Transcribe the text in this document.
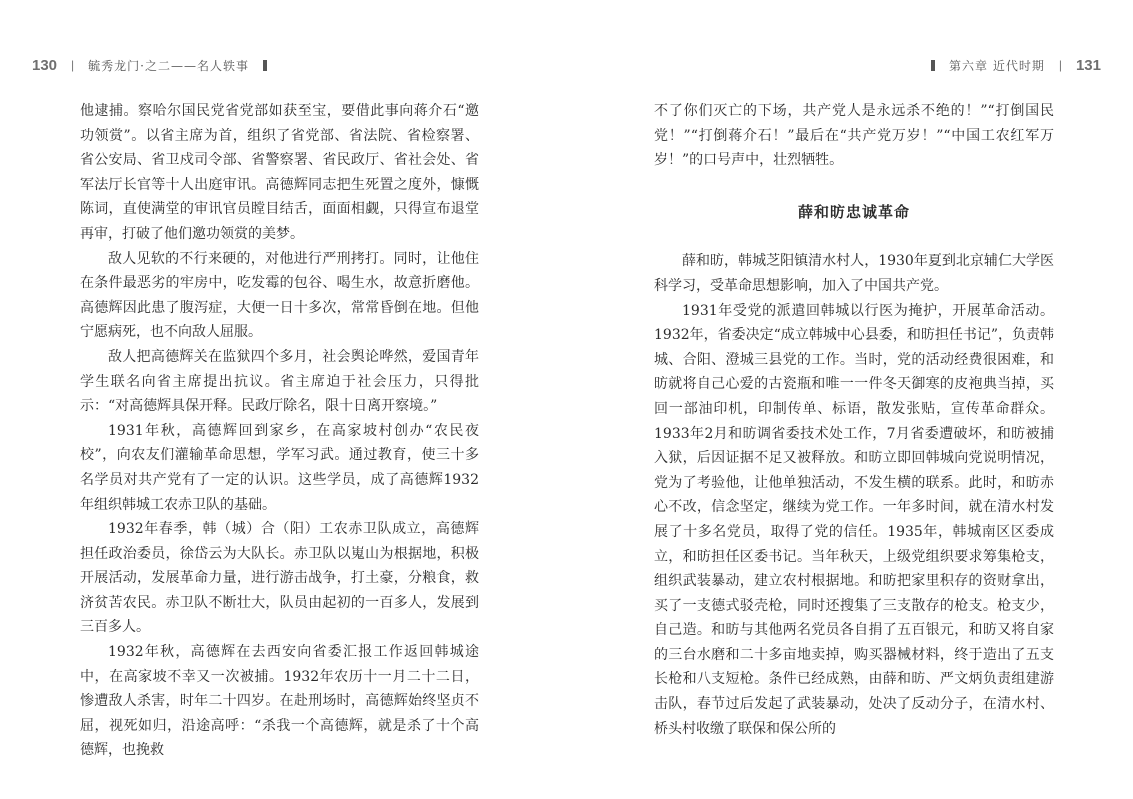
130 | 毓秀龙门·之二——名人轶事

他逮捕。察哈尔国民党省党部如获至宝，要借此事向蒋介石“邀功领赏”。以省主席为首，组织了省党部、省法院、省检察署、省公安局、省卫戍司令部、省警察署、省民政厅、省社会处、省军法厅长官等十人出庭审讯。高德辉同志把生死置之度外，慷慨陈词，直使满堂的审讯官员瞠目结舌，面面相觑，只得宣布退堂再审，打破了他们邀功领赏的美梦。

敌人见软的不行来硬的，对他进行严刑拷打。同时，让他住在条件最恶劣的牢房中，吃发霉的包谷、喝生水，故意折磨他。高德辉因此患了腹泻症，大便一日十多次，常常昏倒在地。但他宁愿病死，也不向敌人屈服。

敌人把高德辉关在监狱四个多月，社会舆论哗然，爱国青年学生联名向省主席提出抗议。省主席迫于社会压力，只得批示：“对高德辉具保开释。民政厅除名，限十日离开察境。”

1931年秋，高德辉回到家乡，在高家坡村创办“农民夜校”，向农友们灌输革命思想，学军习武。通过教育，使三十多名学员对共产党有了一定的认识。这些学员，成了高德辉1932年组织韩城工农赤卫队的基础。

1932年春季，韩（城）合（阳）工农赤卫队成立，高德辉担任政治委员，徐岱云为大队长。赤卫队以嵬山为根据地，积极开展活动，发展革命力量，进行游击战争，打土豪，分粮食，救济贫苦农民。赤卫队不断壮大，队员由起初的一百多人，发展到三百多人。

1932年秋，高德辉在去西安向省委汇报工作返回韩城途中，在高家坡不幸又一次被捕。1932年农历十一月二十二日，惨遭敌人杀害，时年二十四岁。在赴刑场时，高德辉始终坚贞不屈，视死如归，沿途高呼：“杀我一个高德辉，就是杀了十个高德辉，也挽救

第六章 近代时期 | 131

不了你们灭亡的下场，共产党人是永远杀不绝的！”“打倒国民党！”“打倒蒋介石！”最后在“共产党万岁！”“中国工农红军万岁！”的口号声中，壮烈牺牲。

薛和昉忠诚革命

薛和昉，韩城芝阳镇清水村人，1930年夏到北京辅仁大学医科学习，受革命思想影响，加入了中国共产党。

1931年受党的派遣回韩城以行医为掩护，开展革命活动。1932年，省委决定“成立韩城中心县委，和昉担任书记”，负责韩城、合阳、澄城三县党的工作。当时，党的活动经费很困难，和昉就将自己心爱的古瓷瓶和唯一一件冬天御寒的皮袍典当掉，买回一部油印机，印制传单、标语，散发张贴，宣传革命群众。1933年2月和昉调省委技术处工作，7月省委遭破坏，和昉被捕入狱，后因证据不足又被释放。和昉立即回韩城向党说明情况，党为了考验他，让他单独活动，不发生横的联系。此时，和昉赤心不改，信念坚定，继续为党工作。一年多时间，就在清水村发展了十多名党员，取得了党的信任。1935年，韩城南区区委成立，和昉担任区委书记。当年秋天，上级党组织要求筹集枪支，组织武装暴动，建立农村根据地。和昉把家里积存的资财拿出，买了一支德式驳壳枪，同时还搜集了三支散存的枪支。枪支少，自己造。和昉与其他两名党员各自捐了五百银元，和昉又将自家的三台水磨和二十多亩地卖掉，购买器械材料，终于造出了五支长枪和八支短枪。条件已经成熟，由薛和昉、严文炳负责组建游击队，春节过后发起了武装暴动，处决了反动分子，在清水村、桥头村收缴了联保和保公所的
